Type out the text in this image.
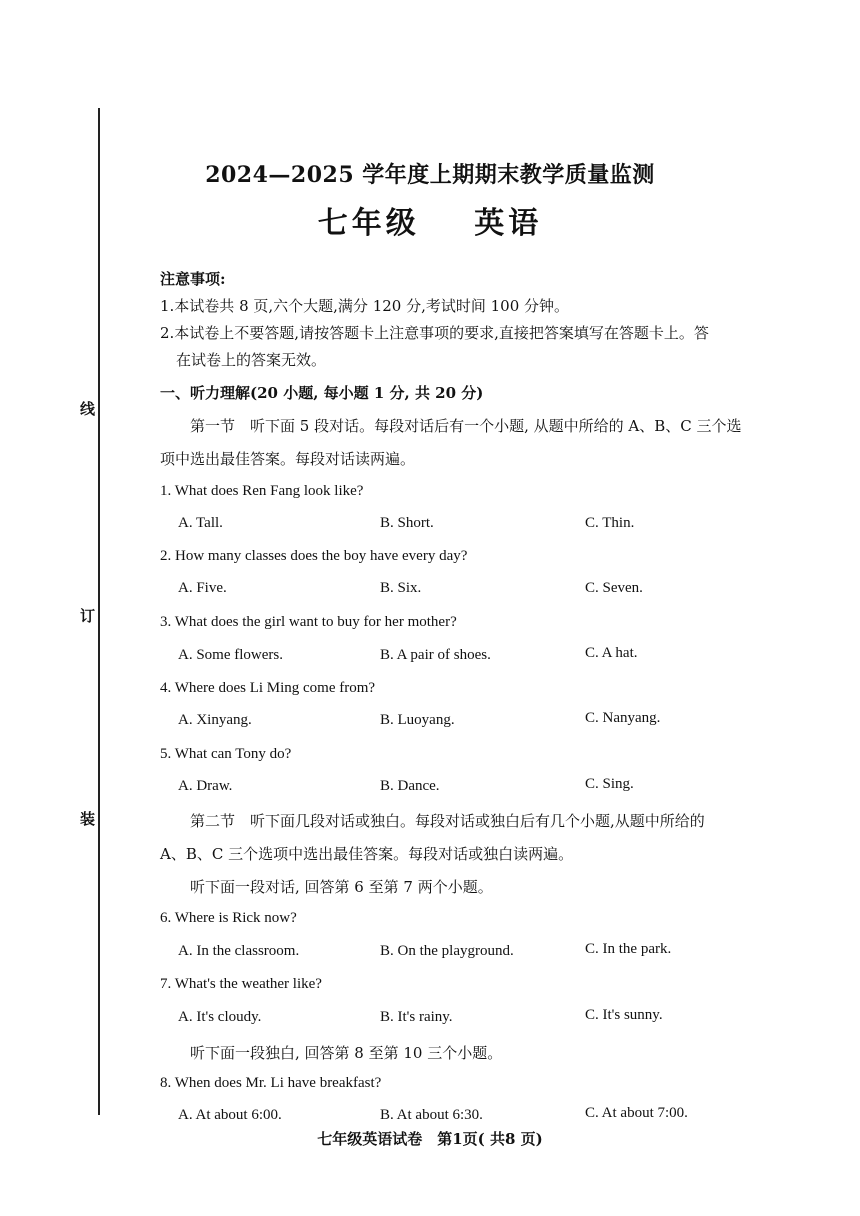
线
订
装
2024—2025 学年度上期期末教学质量监测
七年级 英语
注意事项:
1.本试卷共 8 页,六个大题,满分 120 分,考试时间 100 分钟。
2.本试卷上不要答题,请按答题卡上注意事项的要求,直接把答案填写在答题卡上。答
在试卷上的答案无效。
一、听力理解(20 小题, 每小题 1 分, 共 20 分)
第一节　听下面 5 段对话。每段对话后有一个小题, 从题中所给的 A、B、C 三个选
项中选出最佳答案。每段对话读两遍。
1. What does Ren Fang look like?
A. Tall.	B. Short.	C. Thin.
2. How many classes does the boy have every day?
A. Five.	B. Six.	C. Seven.
3. What does the girl want to buy for her mother?
A. Some flowers.	B. A pair of shoes.	C. A hat.
4. Where does Li Ming come from?
A. Xinyang.	B. Luoyang.	C. Nanyang.
5. What can Tony do?
A. Draw.	B. Dance.	C. Sing.
第二节　听下面几段对话或独白。每段对话或独白后有几个小题,从题中所给的
A、B、C 三个选项中选出最佳答案。每段对话或独白读两遍。
听下面一段对话, 回答第 6 至第 7 两个小题。
6. Where is Rick now?
A. In the classroom.	B. On the playground.	C. In the park.
7. What's the weather like?
A. It's cloudy.	B. It's rainy.	C. It's sunny.
听下面一段独白, 回答第 8 至第 10 三个小题。
8. When does Mr. Li have breakfast?
A. At about 6:00.	B. At about 6:30.	C. At about 7:00.
七年级英语试卷　第1页( 共8 页)
